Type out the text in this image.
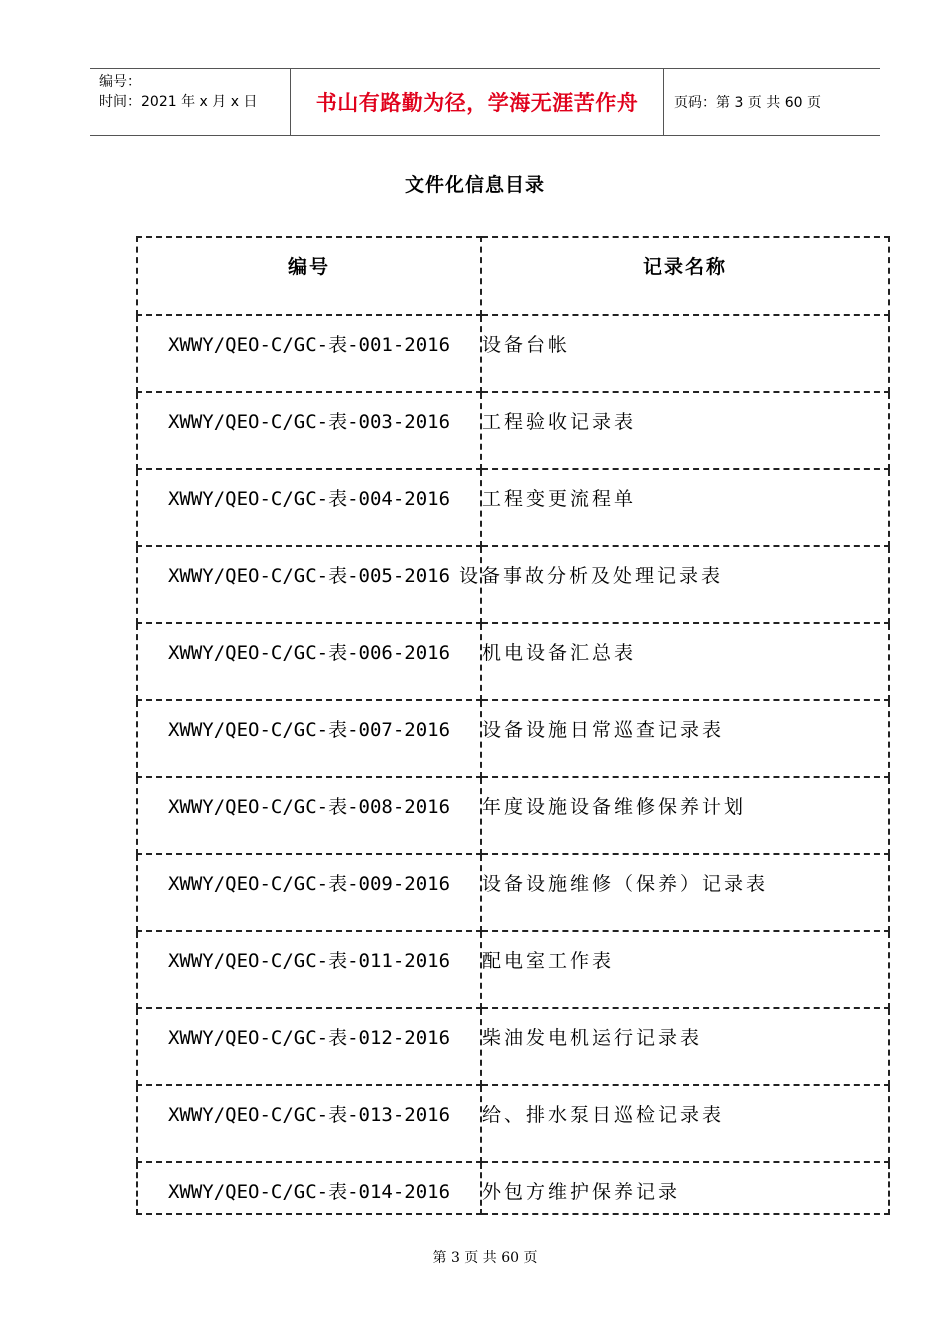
编号：
时间：2021 年 x 月 x 日	书山有路勤为径，学海无涯苦作舟	页码：第 3 页 共 60 页
文件化信息目录
编号	记录名称
XWWY/QEO-C/GC-表-001-2016	设备台帐
XWWY/QEO-C/GC-表-003-2016	工程验收记录表
XWWY/QEO-C/GC-表-004-2016	工程变更流程单
XWWY/QEO-C/GC-表-005-2016	设备事故分析及处理记录表
XWWY/QEO-C/GC-表-006-2016	机电设备汇总表
XWWY/QEO-C/GC-表-007-2016	设备设施日常巡查记录表
XWWY/QEO-C/GC-表-008-2016	年度设施设备维修保养计划
XWWY/QEO-C/GC-表-009-2016	设备设施维修（保养）记录表
XWWY/QEO-C/GC-表-011-2016	配电室工作表
XWWY/QEO-C/GC-表-012-2016	柴油发电机运行记录表
XWWY/QEO-C/GC-表-013-2016	给、排水泵日巡检记录表
XWWY/QEO-C/GC-表-014-2016	外包方维护保养记录
第 3 页 共 60 页
